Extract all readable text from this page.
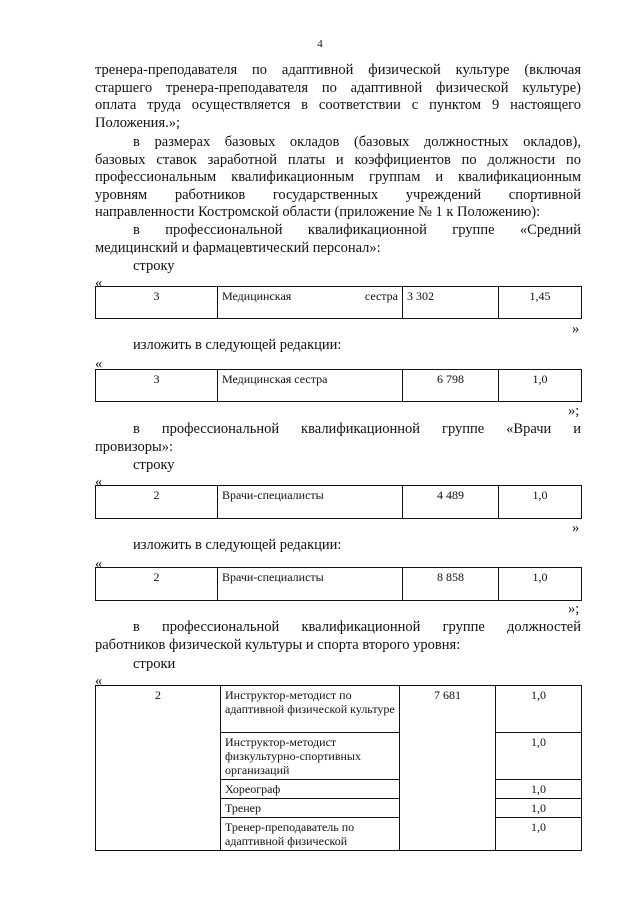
4
тренера-преподавателя по адаптивной физической культуре (включая
старшего тренера-преподавателя по адаптивной физической культуре)
оплата труда осуществляется в соответствии с пунктом 9 настоящего
Положения.»;
в размерах базовых окладов (базовых должностных окладов),
базовых ставок заработной платы и коэффициентов по должности по
профессиональным квалификационным группам и квалификационным
уровням работников государственных учреждений спортивной
направленности Костромской области (приложение № 1 к Положению):
в профессиональной квалификационной группе «Средний
медицинский и фармацевтический персонал»:
строку
«
3	Медицинская	сестра	3 302	1,45
»
изложить в следующей редакции:
«
3	Медицинская сестра	6 798	1,0
»;
в профессиональной квалификационной группе «Врачи и
провизоры»:
строку
«
2	Врачи-специалисты	4 489	1,0
»
изложить в следующей редакции:
«
2	Врачи-специалисты	8 858	1,0
»;
в профессиональной квалификационной группе должностей
работников физической культуры и спорта второго уровня:
строки
«
2	Инструктор-методист по адаптивной физической культуре	7 681	1,0
	Инструктор-методист физкультурно-спортивных организаций		1,0
	Хореограф		1,0
	Тренер		1,0
	Тренер-преподаватель по адаптивной физической		1,0
